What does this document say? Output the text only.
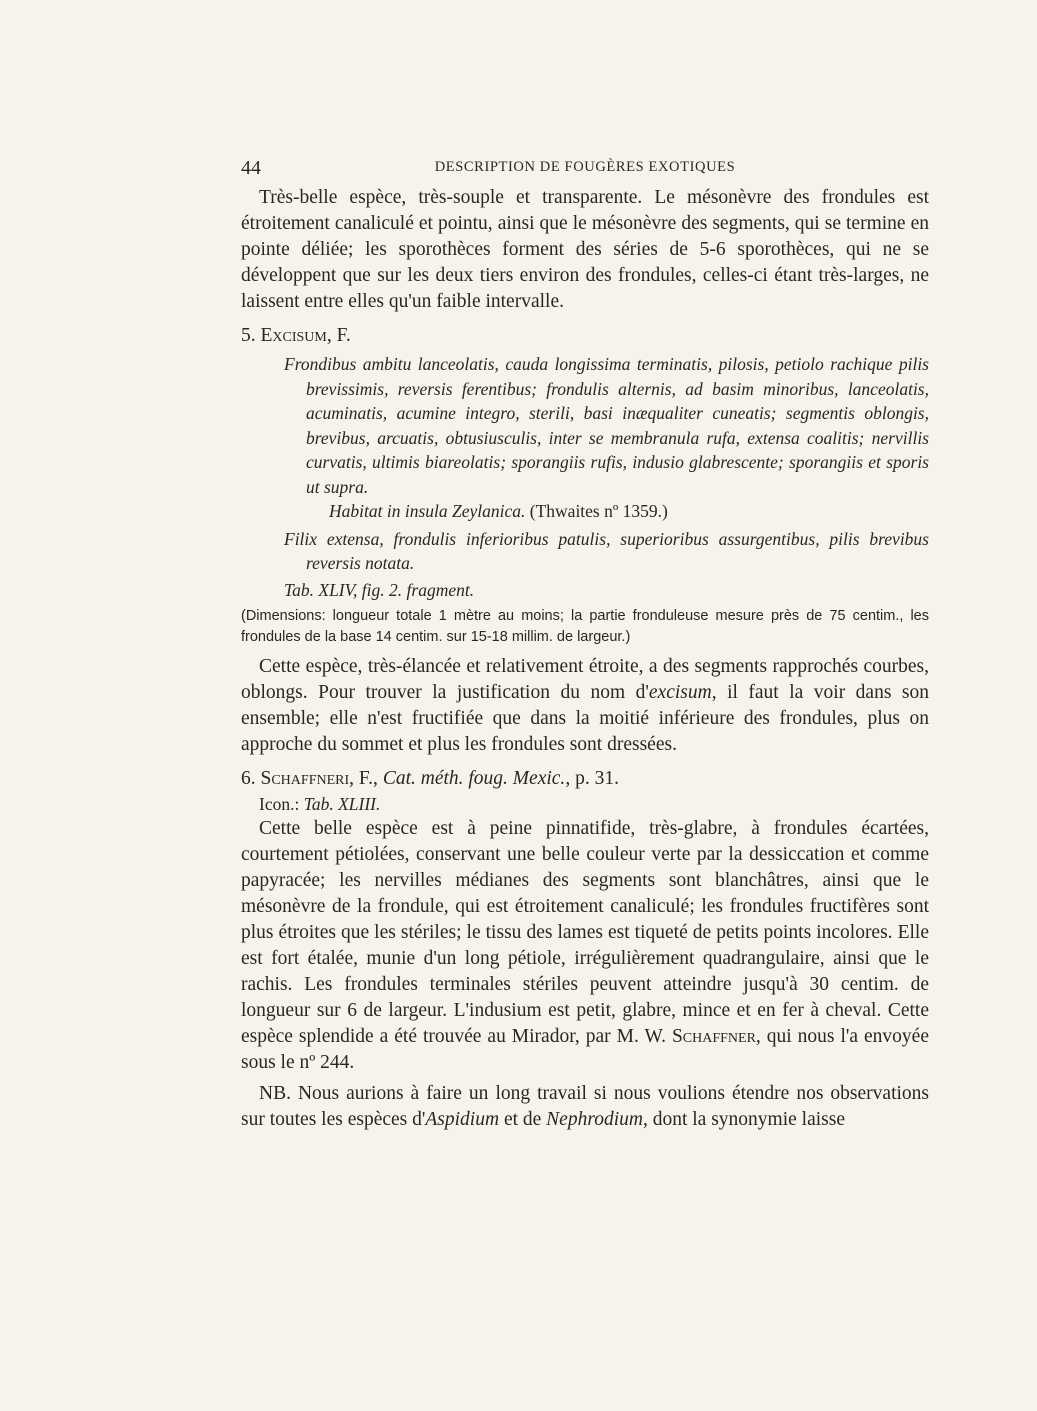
44	DESCRIPTION DE FOUGÈRES EXOTIQUES

Très-belle espèce, très-souple et transparente. Le mésonèvre des frondules est étroitement canaliculé et pointu, ainsi que le mésonèvre des segments, qui se termine en pointe déliée; les sporothèces forment des séries de 5-6 sporothèces, qui ne se développent que sur les deux tiers environ des frondules, celles-ci étant très-larges, ne laissent entre elles qu'un faible intervalle.

5. Excisum, F.

Frondibus ambitu lanceolatis, cauda longissima terminatis, pilosis, petiolo rachique pilis brevissimis, reversis ferentibus; frondulis alternis, ad basim minoribus, lanceolatis, acuminatis, acumine integro, sterili, basi inæqualiter cuneatis; segmentis oblongis, brevibus, arcuatis, obtusiusculis, inter se membranula rufa, extensa coalitis; nervillis curvatis, ultimis biareolatis; sporangiis rufis, indusio glabrescente; sporangiis et sporis ut supra.

Habitat in insula Zeylanica. (Thwaites nº 1359.)

Filix extensa, frondulis inferioribus patulis, superioribus assurgentibus, pilis brevibus reversis notata.

Tab. XLIV, fig. 2. fragment.

(Dimensions: longueur totale 1 mètre au moins; la partie fronduleuse mesure près de 75 centim., les frondules de la base 14 centim. sur 15-18 millim. de largeur.)

Cette espèce, très-élancée et relativement étroite, a des segments rapprochés courbes, oblongs. Pour trouver la justification du nom d'excisum, il faut la voir dans son ensemble; elle n'est fructifiée que dans la moitié inférieure des frondules, plus on approche du sommet et plus les frondules sont dressées.

6. Schaffneri, F., Cat. méth. foug. Mexic., p. 31.

Icon.: Tab. XLIII.

Cette belle espèce est à peine pinnatifide, très-glabre, à frondules écartées, courtement pétiolées, conservant une belle couleur verte par la dessiccation et comme papyracée; les nervilles médianes des segments sont blanchâtres, ainsi que le mésonèvre de la frondule, qui est étroitement canaliculé; les frondules fructifères sont plus étroites que les stériles; le tissu des lames est tiqueté de petits points incolores. Elle est fort étalée, munie d'un long pétiole, irrégulièrement quadrangulaire, ainsi que le rachis. Les frondules terminales stériles peuvent atteindre jusqu'à 30 centim. de longueur sur 6 de largeur. L'indusium est petit, glabre, mince et en fer à cheval. Cette espèce splendide a été trouvée au Mirador, par M. W. Schaffner, qui nous l'a envoyée sous le nº 244.

NB. Nous aurions à faire un long travail si nous voulions étendre nos observations sur toutes les espèces d'Aspidium et de Nephrodium, dont la synonymie laisse
